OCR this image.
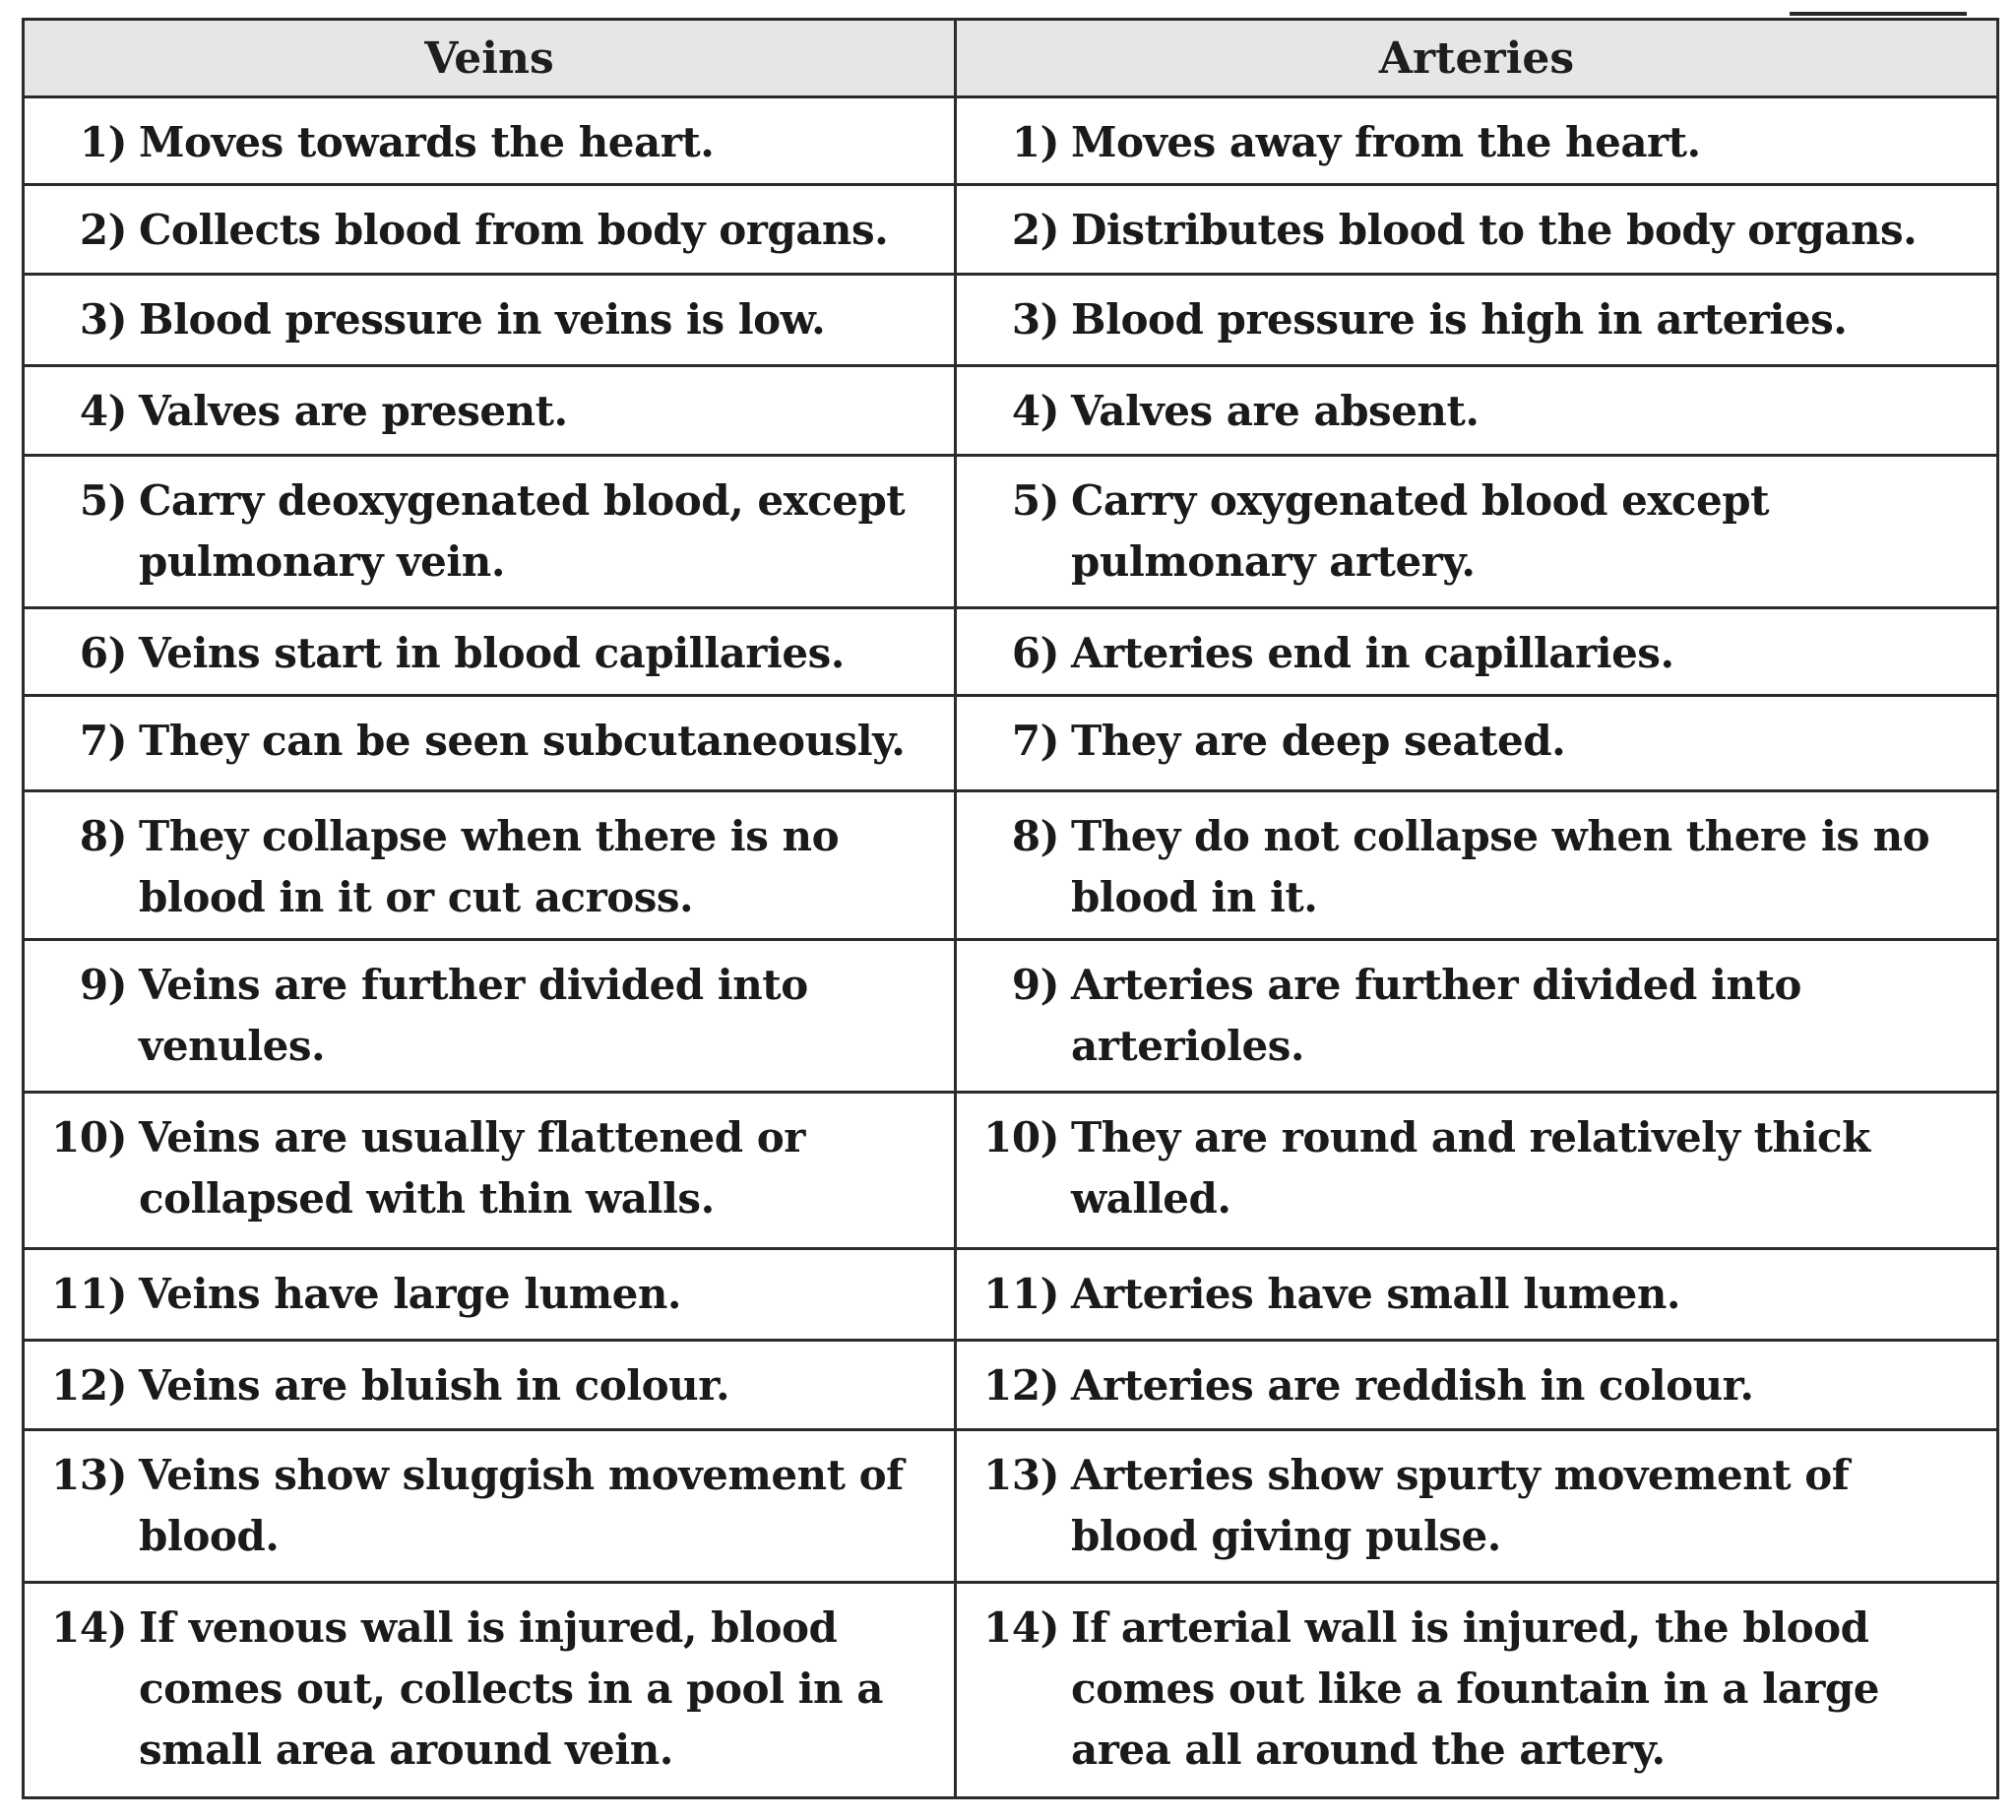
Veins	Arteries

1) Moves towards the heart.	1) Moves away from the heart.

2) Collects blood from body organs.	2) Distributes blood to the body organs.

3) Blood pressure in veins is low.	3) Blood pressure is high in arteries.

4) Valves are present.	4) Valves are absent.

5) Carry deoxygenated blood, except pulmonary vein.	5) Carry oxygenated blood except pulmonary artery.

6) Veins start in blood capillaries.	6) Arteries end in capillaries.

7) They can be seen subcutaneously.	7) They are deep seated.

8) They collapse when there is no blood in it or cut across.	8) They do not collapse when there is no blood in it.

9) Veins are further divided into venules.	9) Arteries are further divided into arterioles.

10) Veins are usually flattened or collapsed with thin walls.	10) They are round and relatively thick walled.

11) Veins have large lumen.	11) Arteries have small lumen.

12) Veins are bluish in colour.	12) Arteries are reddish in colour.

13) Veins show sluggish movement of blood.	13) Arteries show spurty movement of blood giving pulse.

14) If venous wall is injured, blood comes out, collects in a pool in a small area around vein.	14) If arterial wall is injured, the blood comes out like a fountain in a large area all around the artery.
